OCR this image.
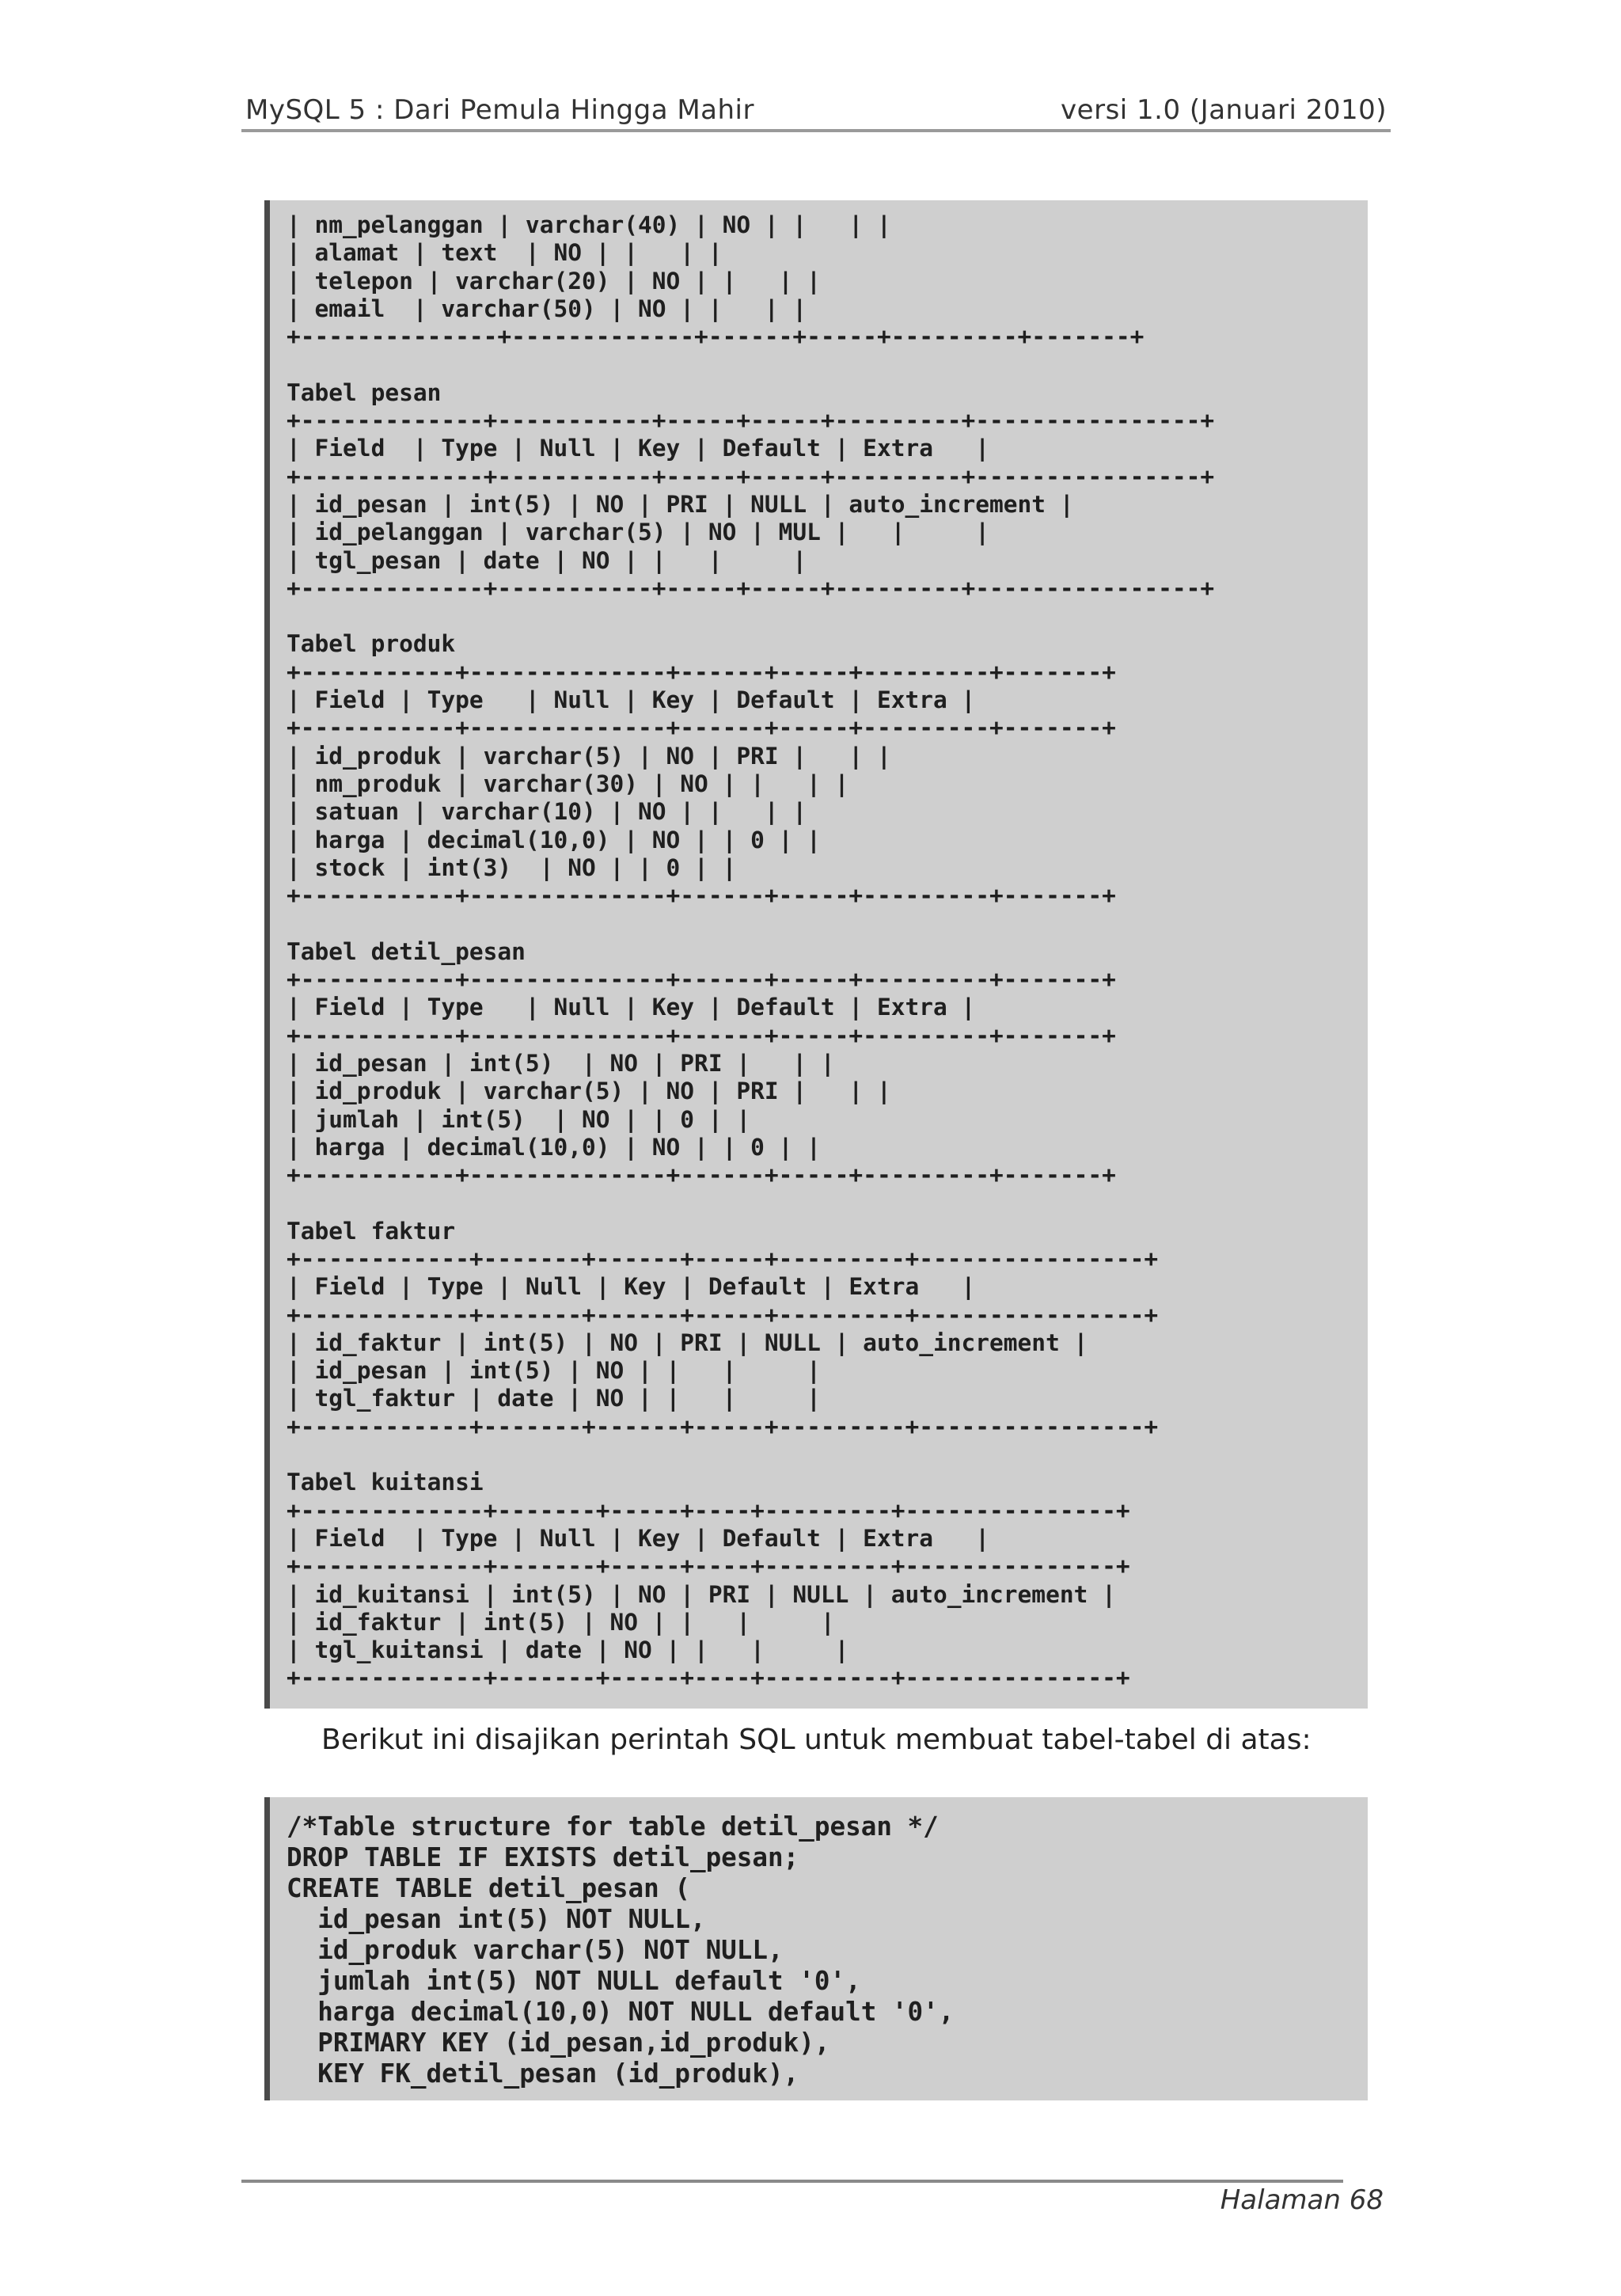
MySQL 5 : Dari Pemula Hingga Mahir	versi 1.0 (Januari 2010)
| nm_pelanggan | varchar(40) | NO | |   | |
| alamat | text  | NO | |   | |
| telepon | varchar(20) | NO | |   | |
| email  | varchar(50) | NO | |   | |
+--------------+-------------+------+-----+---------+-------+
Tabel pesan
+-------------+-----------+-----+-----+---------+----------------+
| Field  | Type | Null | Key | Default | Extra   |
+-------------+-----------+-----+-----+---------+----------------+
| id_pesan | int(5) | NO | PRI | NULL | auto_increment |
| id_pelanggan | varchar(5) | NO | MUL |   |     |
| tgl_pesan | date | NO | |   |     |
+-------------+-----------+-----+-----+---------+----------------+
Tabel produk
+-----------+--------------+------+-----+---------+-------+
| Field | Type   | Null | Key | Default | Extra |
+-----------+--------------+------+-----+---------+-------+
| id_produk | varchar(5) | NO | PRI |   | |
| nm_produk | varchar(30) | NO | |   | |
| satuan | varchar(10) | NO | |   | |
| harga | decimal(10,0) | NO | | 0 | |
| stock | int(3)  | NO | | 0 | |
+-----------+--------------+------+-----+---------+-------+
Tabel detil_pesan
+-----------+--------------+------+-----+---------+-------+
| Field | Type   | Null | Key | Default | Extra |
+-----------+--------------+------+-----+---------+-------+
| id_pesan | int(5)  | NO | PRI |   | |
| id_produk | varchar(5) | NO | PRI |   | |
| jumlah | int(5)  | NO | | 0 | |
| harga | decimal(10,0) | NO | | 0 | |
+-----------+--------------+------+-----+---------+-------+
Tabel faktur
+------------+-------+------+-----+---------+----------------+
| Field | Type | Null | Key | Default | Extra   |
+------------+-------+------+-----+---------+----------------+
| id_faktur | int(5) | NO | PRI | NULL | auto_increment |
| id_pesan | int(5) | NO | |   |     |
| tgl_faktur | date | NO | |   |     |
+------------+-------+------+-----+---------+----------------+
Tabel kuitansi
+-------------+-------+-----+----+---------+---------------+
| Field  | Type | Null | Key | Default | Extra   |
+-------------+-------+-----+----+---------+---------------+
| id_kuitansi | int(5) | NO | PRI | NULL | auto_increment |
| id_faktur | int(5) | NO | |   |     |
| tgl_kuitansi | date | NO | |   |     |
+-------------+-------+-----+----+---------+---------------+
Berikut ini disajikan perintah SQL untuk membuat tabel-tabel di atas:
/*Table structure for table detil_pesan */
DROP TABLE IF EXISTS detil_pesan;
CREATE TABLE detil_pesan (
id_pesan int(5) NOT NULL,
id_produk varchar(5) NOT NULL,
jumlah int(5) NOT NULL default '0',
harga decimal(10,0) NOT NULL default '0',
PRIMARY KEY (id_pesan,id_produk),
KEY FK_detil_pesan (id_produk),
Halaman 68
